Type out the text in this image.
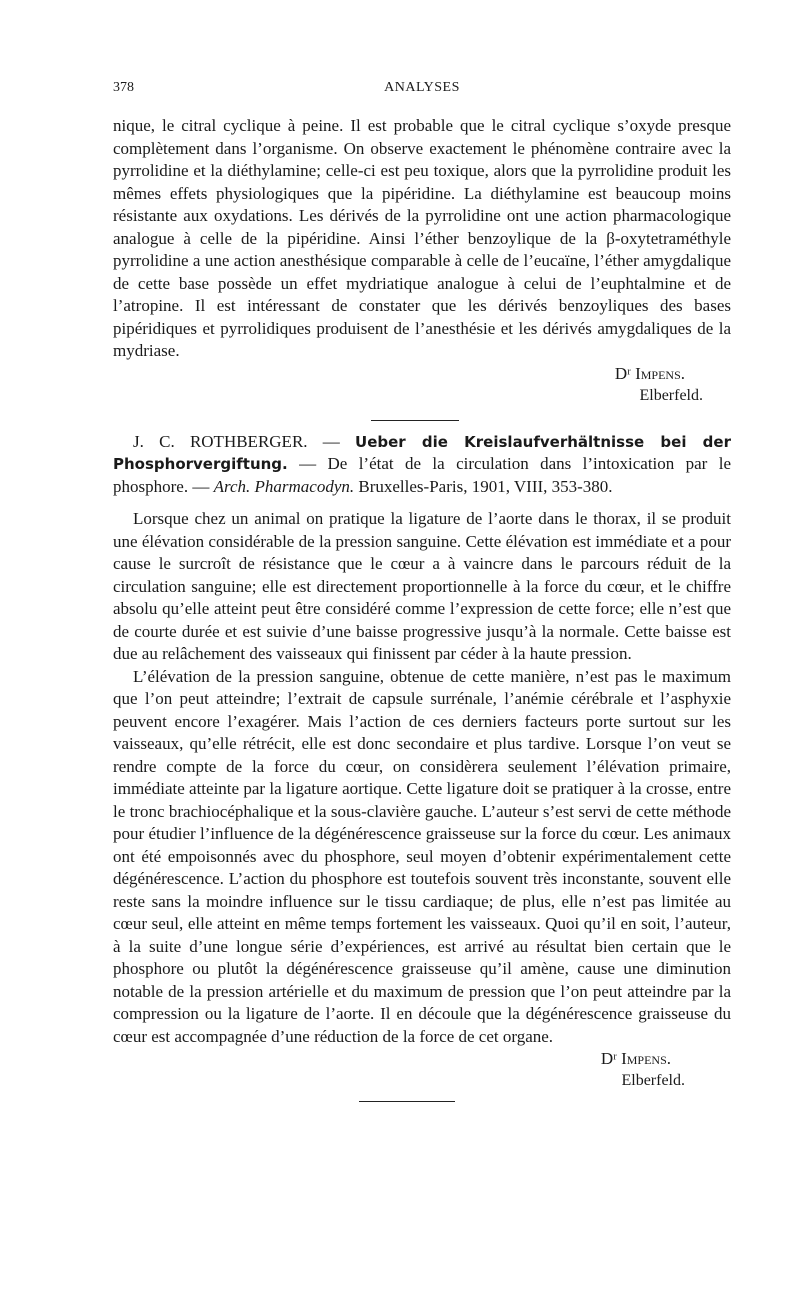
378	ANALYSES

nique, le citral cyclique à peine. Il est probable que le citral cyclique s’oxyde presque complètement dans l’organisme. On observe exactement le phénomène contraire avec la pyrrolidine et la diéthylamine; celle-ci est peu toxique, alors que la pyrrolidine produit les mêmes effets physiologiques que la pipéridine. La diéthylamine est beaucoup moins résistante aux oxydations. Les dérivés de la pyrrolidine ont une action pharmacologique analogue à celle de la pipéridine. Ainsi l’éther benzoylique de la β-oxytetraméthyle pyrrolidine a une action anesthésique comparable à celle de l’eucaïne, l’éther amygdalique de cette base possède un effet mydriatique analogue à celui de l’euphtalmine et de l’atropine. Il est intéressant de constater que les dérivés benzoyliques des bases pipéridiques et pyrrolidiques produisent de l’anesthésie et les dérivés amygdaliques de la mydriase.

Dʳ Impens.
Elberfeld.
J. C. ROTHBERGER. — Ueber die Kreislaufverhältnisse bei der Phosphorvergiftung. — De l’état de la circulation dans l’intoxication par le phosphore. — Arch. Pharmacodyn. Bruxelles-Paris, 1901, VIII, 353-380.

Lorsque chez un animal on pratique la ligature de l’aorte dans le thorax, il se produit une élévation considérable de la pression sanguine. Cette élévation est immédiate et a pour cause le surcroît de résistance que le cœur a à vaincre dans le parcours réduit de la circulation sanguine; elle est directement proportionnelle à la force du cœur, et le chiffre absolu qu’elle atteint peut être considéré comme l’expression de cette force; elle n’est que de courte durée et est suivie d’une baisse progressive jusqu’à la normale. Cette baisse est due au relâchement des vaisseaux qui finissent par céder à la haute pression.

L’élévation de la pression sanguine, obtenue de cette manière, n’est pas le maximum que l’on peut atteindre; l’extrait de capsule surrénale, l’anémie cérébrale et l’asphyxie peuvent encore l’exagérer. Mais l’action de ces derniers facteurs porte surtout sur les vaisseaux, qu’elle rétrécit, elle est donc secondaire et plus tardive. Lorsque l’on veut se rendre compte de la force du cœur, on considèrera seulement l’élévation primaire, immédiate atteinte par la ligature aortique. Cette ligature doit se pratiquer à la crosse, entre le tronc brachiocéphalique et la sous-clavière gauche. L’auteur s’est servi de cette méthode pour étudier l’influence de la dégénérescence graisseuse sur la force du cœur. Les animaux ont été empoisonnés avec du phosphore, seul moyen d’obtenir expérimentalement cette dégénérescence. L’action du phosphore est toutefois souvent très inconstante, souvent elle reste sans la moindre influence sur le tissu cardiaque; de plus, elle n’est pas limitée au cœur seul, elle atteint en même temps fortement les vaisseaux. Quoi qu’il en soit, l’auteur, à la suite d’une longue série d’expériences, est arrivé au résultat bien certain que le phosphore ou plutôt la dégénérescence graisseuse qu’il amène, cause une diminution notable de la pression artérielle et du maximum de pression que l’on peut atteindre par la compression ou la ligature de l’aorte. Il en découle que la dégénérescence graisseuse du cœur est accompagnée d’une réduction de la force de cet organe.

Dʳ Impens.
Elberfeld.
